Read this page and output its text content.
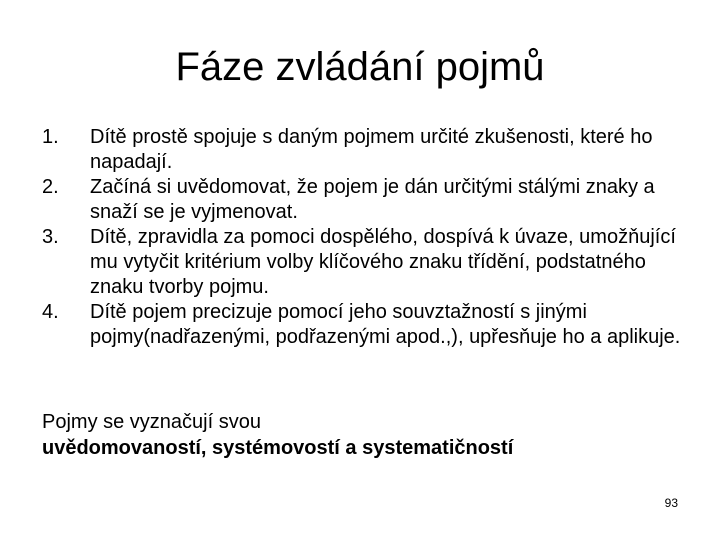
Fáze zvládání pojmů
1.	Dítě prostě spojuje s daným pojmem určité zkušenosti, které ho napadají.
2.	Začíná si uvědomovat, že pojem je dán určitými stálými znaky a snaží se je vyjmenovat.
3.	Dítě, zpravidla za pomoci dospělého, dospívá k úvaze, umožňující mu vytyčit kritérium volby klíčového znaku třídění, podstatného znaku tvorby pojmu.
4.	Dítě pojem precizuje pomocí jeho souvztažností s jinými pojmy(nadřazenými, podřazenými apod.,), upřesňuje ho a aplikuje.

Pojmy se vyznačují svou
uvědomovaností, systémovostí a systematičností

93
